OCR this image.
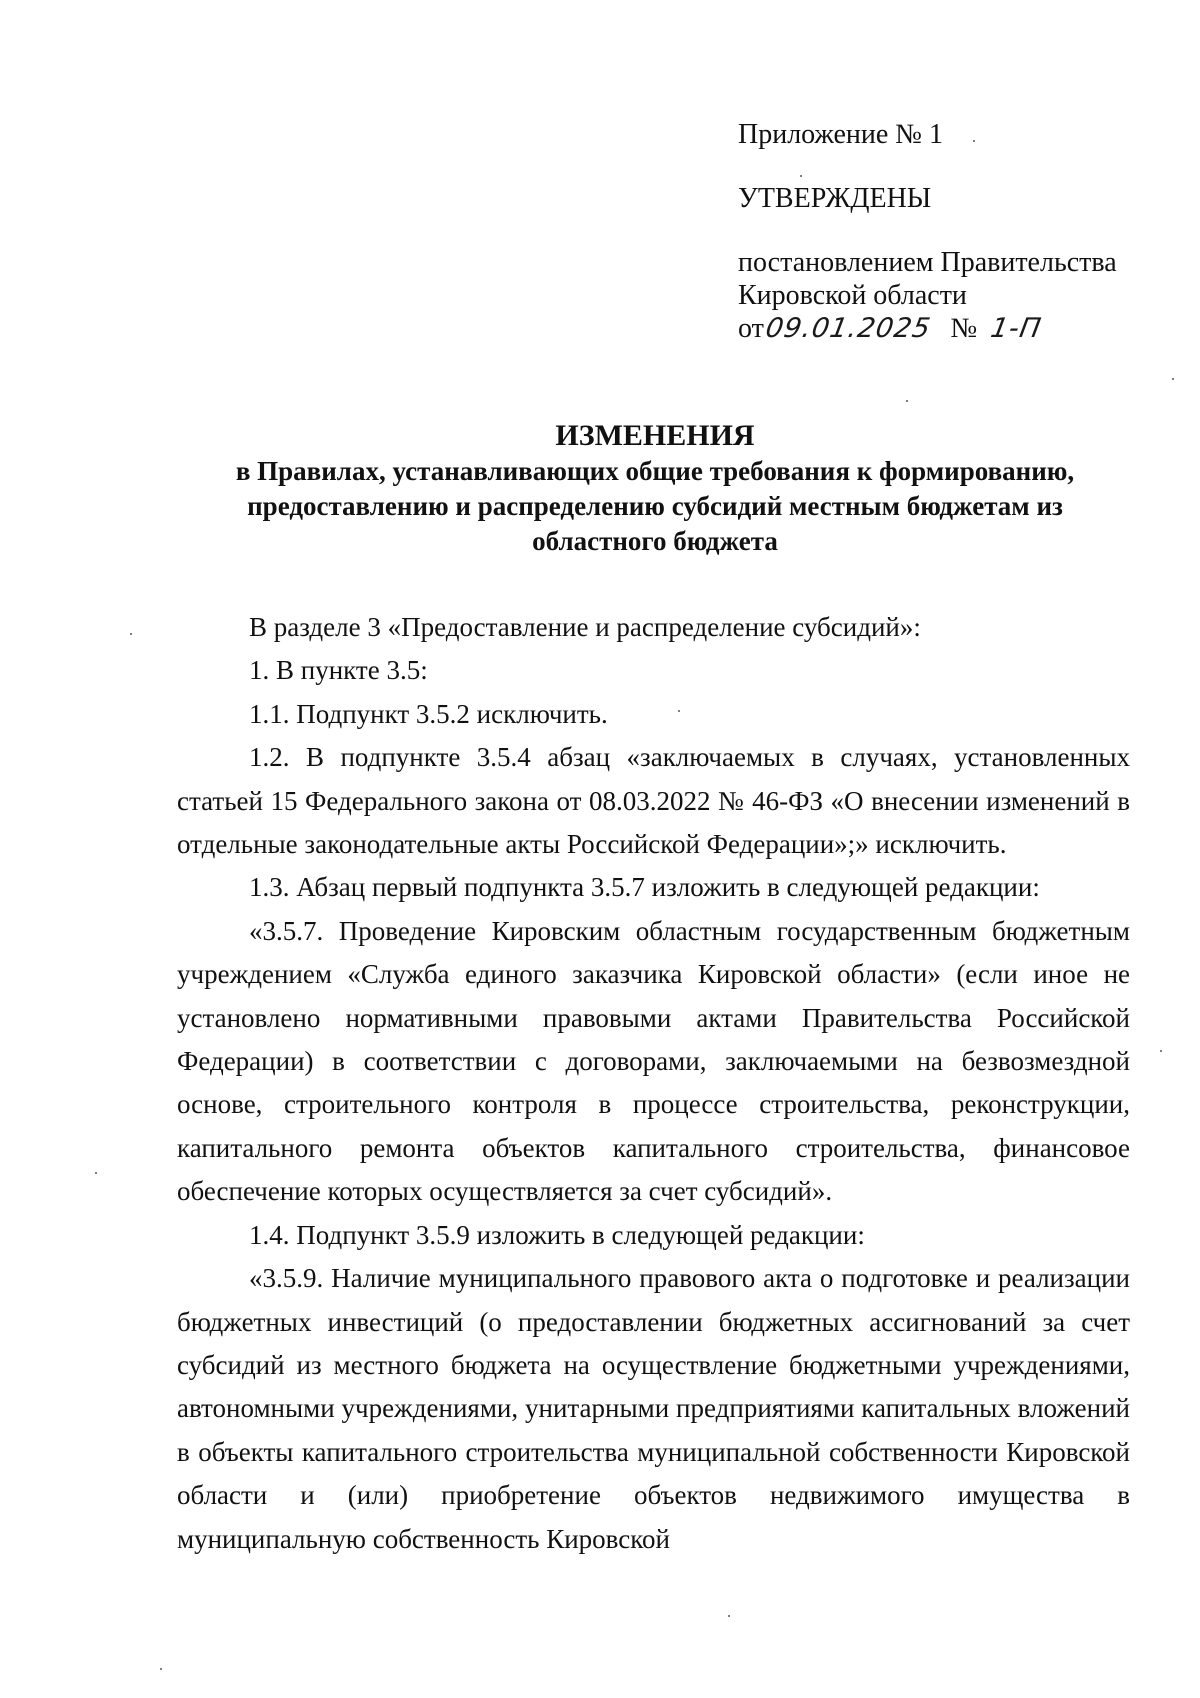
Приложение № 1
УТВЕРЖДЕНЫ
постановлением Правительства
Кировской области
от 09.01.2025 № 1-П

ИЗМЕНЕНИЯ

в Правилах, устанавливающих общие требования к формированию,

предоставлению и распределению субсидий местным бюджетам из

областного бюджета

В разделе 3 «Предоставление и распределение субсидий»:

1. В пункте 3.5:

1.1. Подпункт 3.5.2 исключить.

1.2. В подпункте 3.5.4 абзац «заключаемых в случаях, установленных статьей 15 Федерального закона от 08.03.2022 № 46-ФЗ «О внесении изменений в отдельные законодательные акты Российской Федерации»;» исключить.

1.3. Абзац первый подпункта 3.5.7 изложить в следующей редакции:

«3.5.7. Проведение Кировским областным государственным бюджетным учреждением «Служба единого заказчика Кировской области» (если иное не установлено нормативными правовыми актами Правительства Российской Федерации) в соответствии с договорами, заключаемыми на безвозмездной основе, строительного контроля в процессе строительства, реконструкции, капитального ремонта объектов капитального строительства, финансовое обеспечение которых осуществляется за счет субсидий».

1.4. Подпункт 3.5.9 изложить в следующей редакции:

«3.5.9. Наличие муниципального правового акта о подготовке и реализации бюджетных инвестиций (о предоставлении бюджетных ассигнований за счет субсидий из местного бюджета на осуществление бюджетными учреждениями, автономными учреждениями, унитарными предприятиями капитальных вложений в объекты капитального строительства муниципальной собственности Кировской области и (или) приобретение объектов недвижимого имущества в муниципальную собственность Кировской
